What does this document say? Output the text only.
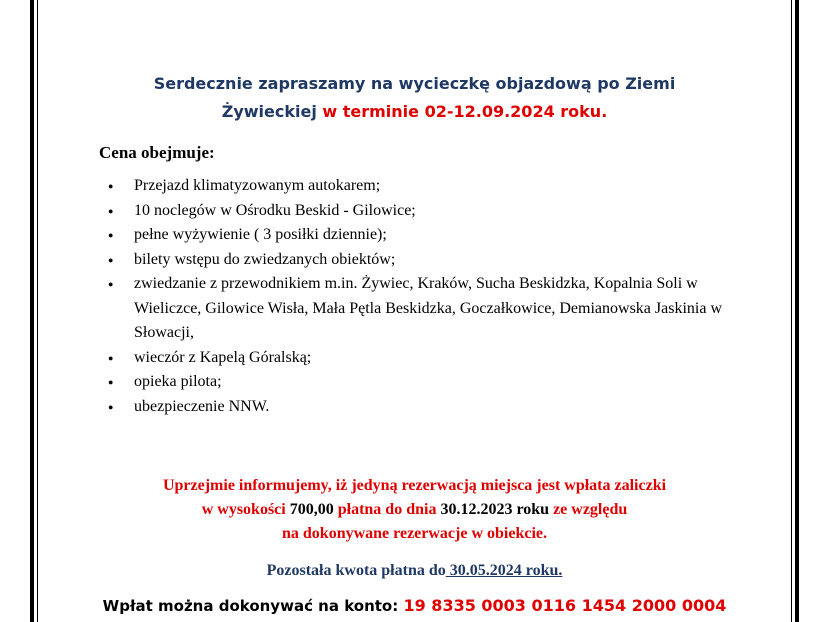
Serdecznie zapraszamy na wycieczkę objazdową po Ziemi
Żywieckiej w terminie 02-12.09.2024 roku.
Cena obejmuje:
● Przejazd klimatyzowanym autokarem;
● 10 noclegów w Ośrodku Beskid - Gilowice;
● pełne wyżywienie ( 3 posiłki dziennie);
● bilety wstępu do zwiedzanych obiektów;
● zwiedzanie z przewodnikiem m.in. Żywiec, Kraków, Sucha Beskidzka, Kopalnia Soli w Wieliczce, Gilowice Wisła, Mała Pętla Beskidzka, Goczałkowice, Demianowska Jaskinia w Słowacji,
● wieczór z Kapelą Góralską;
● opieka pilota;
● ubezpieczenie NNW.
Uprzejmie informujemy, iż jedyną rezerwacją miejsca jest wpłata zaliczki
w wysokości 700,00 płatna do dnia 30.12.2023 roku ze względu
na dokonywane rezerwacje w obiekcie.
Pozostała kwota płatna do 30.05.2024 roku.
Wpłat można dokonywać na konto: 19 8335 0003 0116 1454 2000 0004
